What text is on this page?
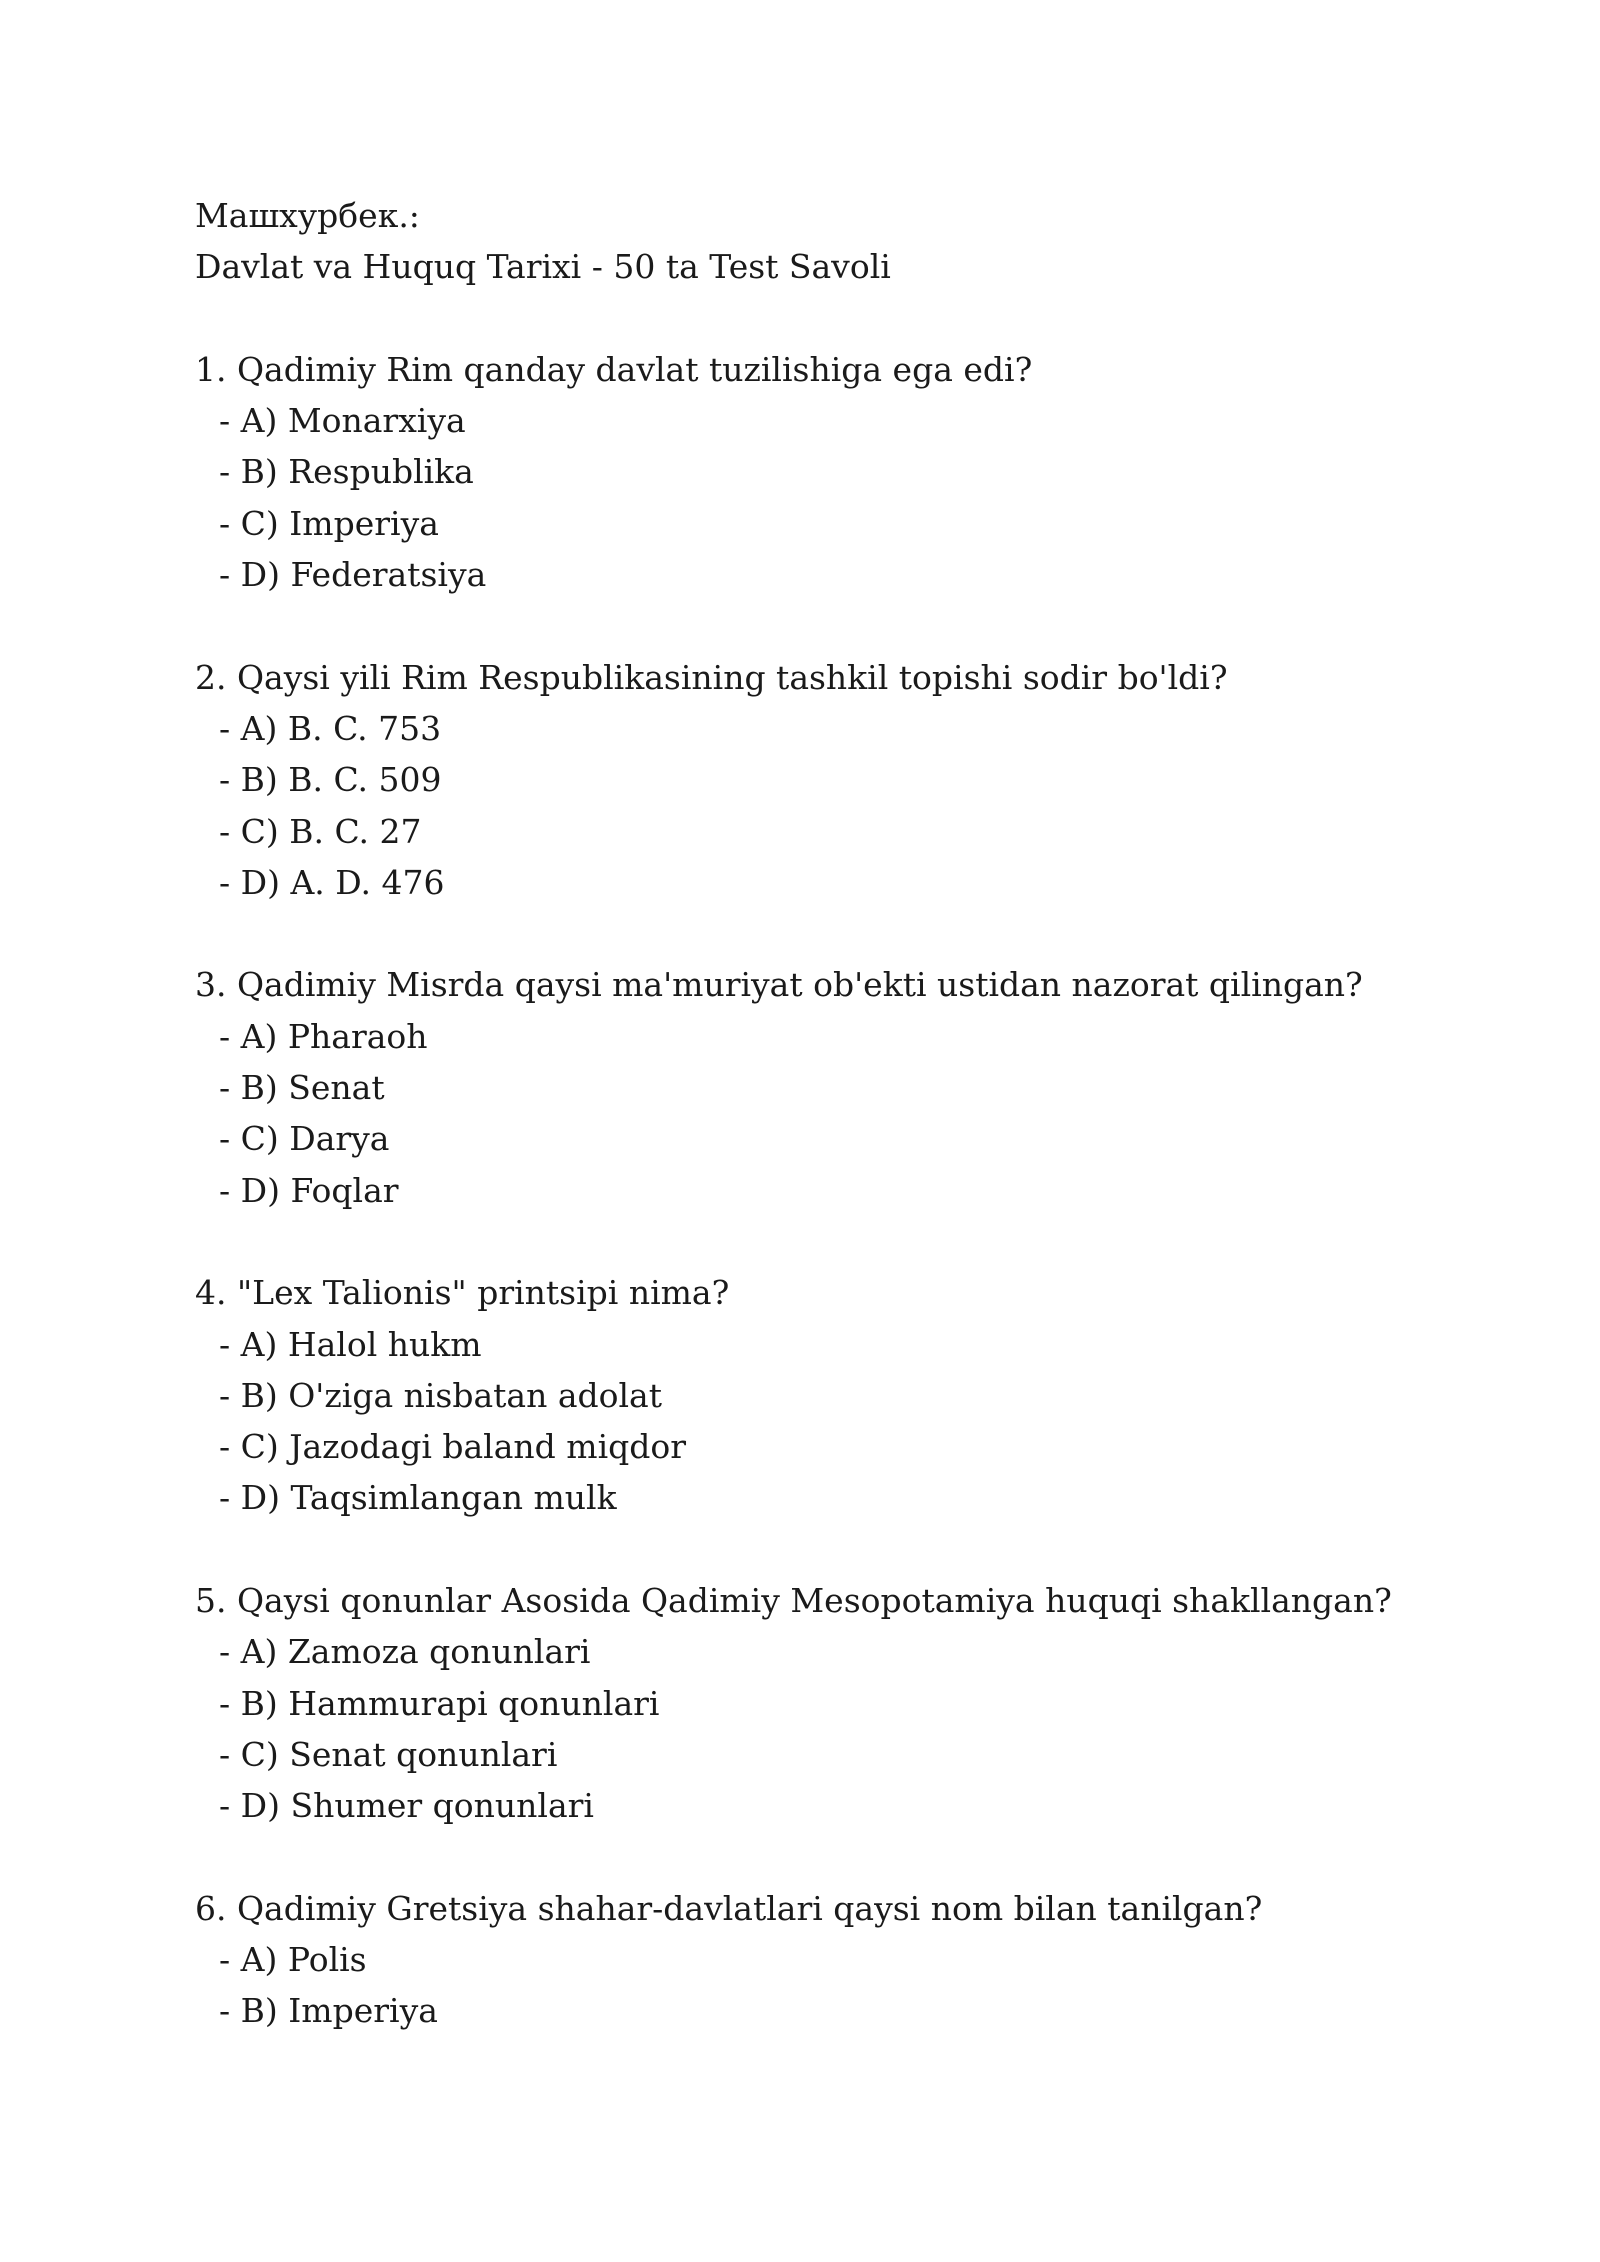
Машхурбек.:
Davlat va Huquq Tarixi - 50 ta Test Savoli
1. Qadimiy Rim qanday davlat tuzilishiga ega edi?
- A) Monarxiya
- B) Respublika
- C) Imperiya
- D) Federatsiya
2. Qaysi yili Rim Respublikasining tashkil topishi sodir bo'ldi?
- A) B. C. 753
- B) B. C. 509
- C) B. C. 27
- D) A. D. 476
3. Qadimiy Misrda qaysi ma'muriyat ob'ekti ustidan nazorat qilingan?
- A) Pharaoh
- B) Senat
- C) Darya
- D) Foqlar
4. "Lex Talionis" printsipi nima?
- A) Halol hukm
- B) O'ziga nisbatan adolat
- C) Jazodagi baland miqdor
- D) Taqsimlangan mulk
5. Qaysi qonunlar Asosida Qadimiy Mesopotamiya huquqi shakllangan?
- A) Zamoza qonunlari
- B) Hammurapi qonunlari
- C) Senat qonunlari
- D) Shumer qonunlari
6. Qadimiy Gretsiya shahar-davlatlari qaysi nom bilan tanilgan?
- A) Polis
- B) Imperiya
